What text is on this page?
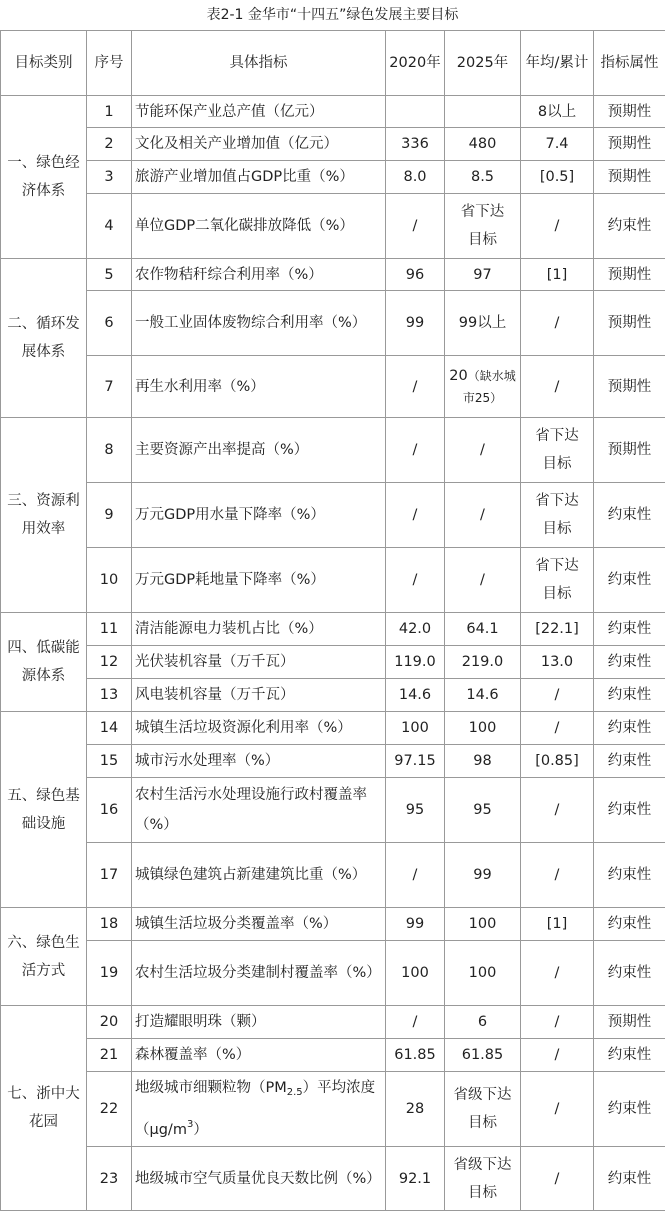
表2-1 金华市“十四五”绿色发展主要目标
目标类别	序号	具体指标	2020年	2025年	年均/累计	指标属性
一、绿色经济体系	1	节能环保产业总产值（亿元）			8以上	预期性
	2	文化及相关产业增加值（亿元）	336	480	7.4	预期性
	3	旅游产业增加值占GDP比重（%）	8.0	8.5	[0.5]	预期性
	4	单位GDP二氧化碳排放降低（%）	/	省下达目标	/	约束性
二、循环发展体系	5	农作物秸秆综合利用率（%）	96	97	[1]	预期性
	6	一般工业固体废物综合利用率（%）	99	99以上	/	预期性
	7	再生水利用率（%）	/	20（缺水城市25）	/	预期性
三、资源利用效率	8	主要资源产出率提高（%）	/	/	省下达目标	预期性
	9	万元GDP用水量下降率（%）	/	/	省下达目标	约束性
	10	万元GDP耗地量下降率（%）	/	/	省下达目标	约束性
四、低碳能源体系	11	清洁能源电力装机占比（%）	42.0	64.1	[22.1]	约束性
	12	光伏装机容量（万千瓦）	119.0	219.0	13.0	约束性
	13	风电装机容量（万千瓦）	14.6	14.6	/	约束性
五、绿色基础设施	14	城镇生活垃圾资源化利用率（%）	100	100	/	约束性
	15	城市污水处理率（%）	97.15	98	[0.85]	约束性
	16	农村生活污水处理设施行政村覆盖率（%）	95	95	/	约束性
	17	城镇绿色建筑占新建建筑比重（%）	/	99	/	约束性
六、绿色生活方式	18	城镇生活垃圾分类覆盖率（%）	99	100	[1]	约束性
	19	农村生活垃圾分类建制村覆盖率（%）	100	100	/	约束性
七、浙中大花园	20	打造耀眼明珠（颗）	/	6	/	预期性
	21	森林覆盖率（%）	61.85	61.85	/	约束性
	22	地级城市细颗粒物$(PM_{2.5})$平均浓度$(\mu g/m^3)$	28	省级下达目标	/	约束性
	23	地级城市空气质量优良天数比例（%）	92.1	省级下达目标	/	约束性
